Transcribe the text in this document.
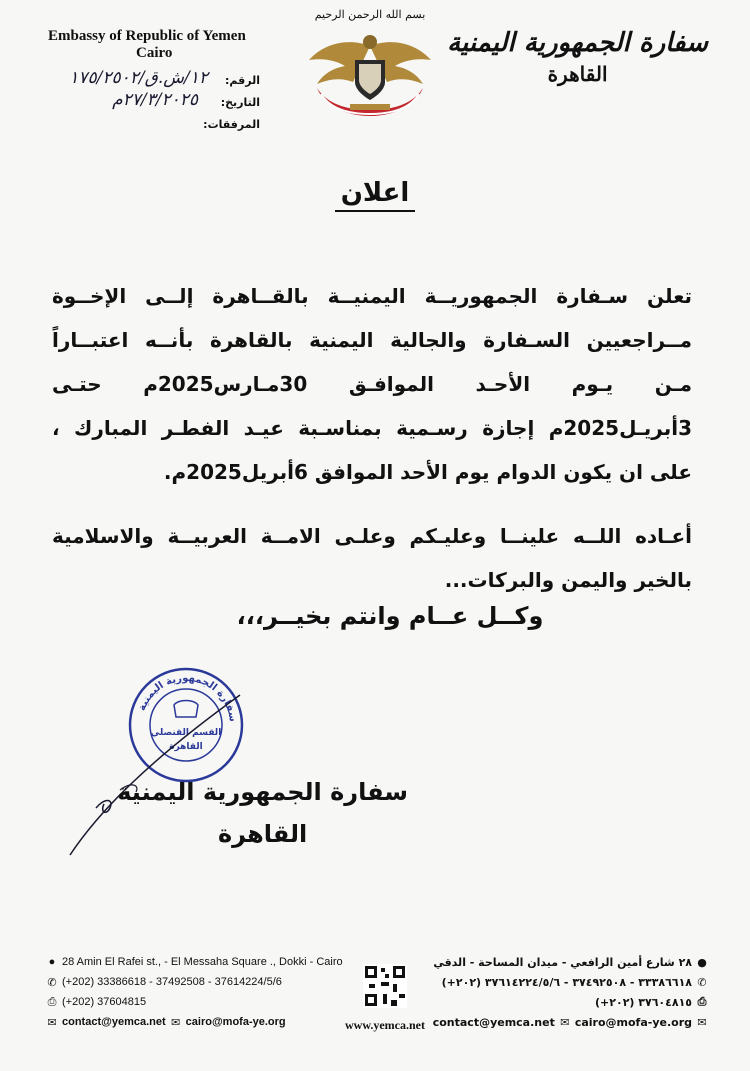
Embassy of Republic of Yemen
Cairo
بسم الله الرحمن الرحيم
سفارة الجمهورية اليمنية
القاهرة
الرقم:
١٢/ش.ق/١٧٥/٢٥٠٢
التاريخ:
٢٧/٣/٢٠٢٥م
المرفقات:
اعلان

تعلن سـفارة الجمهوريــة اليمنيــة بالقــاهرة إلــى الإخــوة

مــراجعيين السـفارة والجالية اليمنية بالقاهرة بأنــه اعتبــاراً

مـن يـوم الأحـد الموافـق 30مـارس2025م حتـى

3أبريـل2025م إجازة رسـمية بمناسـبة عيـد الفطـر المبارك ،

على ان يكون الدوام يوم الأحد الموافق 6أبريل2025م.

أعـاده اللــه علينــا وعليـكم وعلـى الامــة العربيــة والاسلامية

بالخير واليمن والبركات...

وكــل عــام وانتم بخيــر،،،
سفارة الجمهورية اليمنية
القسم القنصلي
القاهرة
سفارة الجمهورية اليمنية
القاهرة
● 28 Amin El Rafei st., - El Messaha Square ., Dokki - Cairo
✆ (+202) 33386618 - 37492508 - 37614224/5/6
⎙ (+202) 37604815
✉ contact@yemca.net ✉ cairo@mofa-ye.org	www.yemca.net
●
٢٨ شارع أمين الرافعي - ميدان المساحة - الدقي
✆
٣٣٣٨٦٦١٨ - ٣٧٤٩٢٥٠٨ - ٣٧٦١٤٢٢٤/٥/٦ (٢٠٢+)
⎙
٣٧٦٠٤٨١٥ (٢٠٢+)
✉
cairo@mofa-ye.org
✉
contact@yemca.net
